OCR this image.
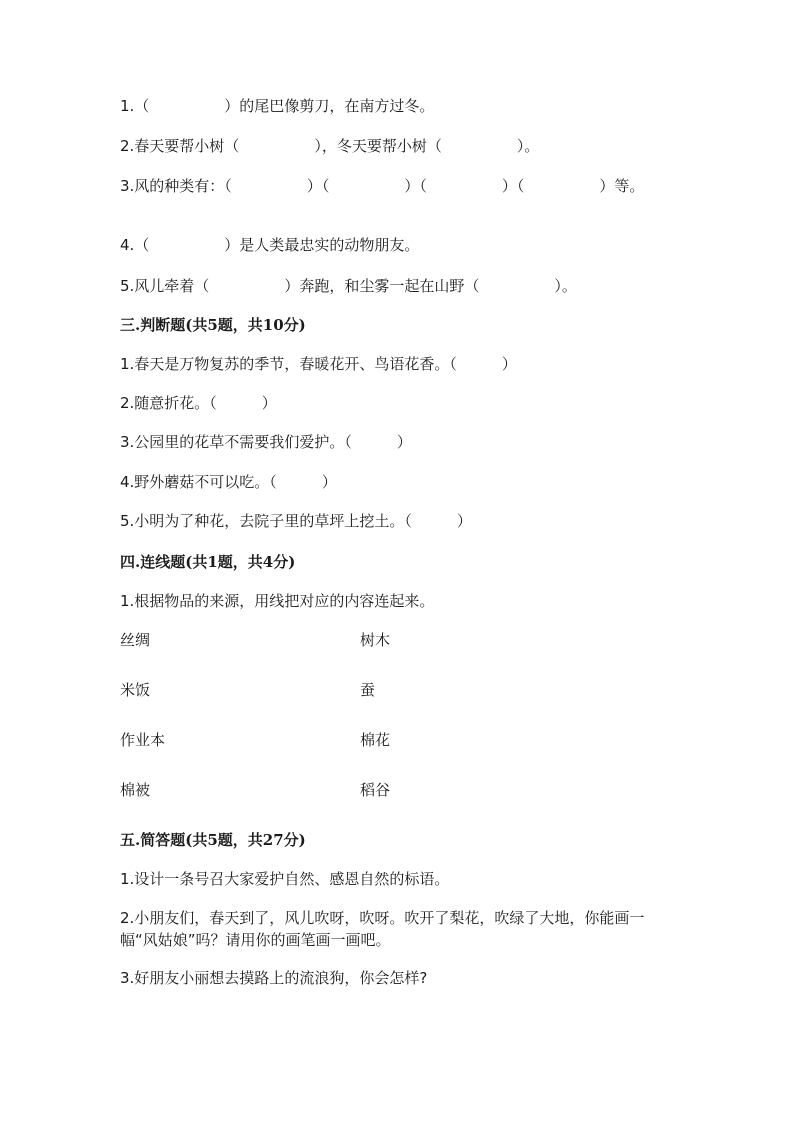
1.（　　　　　）的尾巴像剪刀，在南方过冬。
2.春天要帮小树（　　　　　），冬天要帮小树（　　　　　）。
3.风的种类有：（　　　　　）（　　　　　）（　　　　　）（　　　　　）等。
4.（　　　　　）是人类最忠实的动物朋友。
5.风儿牵着（　　　　　）奔跑，和尘雾一起在山野（　　　　　）。
三.判断题(共5题，共10分)
1.春天是万物复苏的季节，春暖花开、鸟语花香。（　　　）
2.随意折花。（　　　）
3.公园里的花草不需要我们爱护。（　　　）
4.野外蘑菇不可以吃。（　　　）
5.小明为了种花，去院子里的草坪上挖土。（　　　）
四.连线题(共1题，共4分)
1.根据物品的来源，用线把对应的内容连起来。
丝绸	树木
米饭	蚕
作业本	棉花
棉被	稻谷
五.简答题(共5题，共27分)
1.设计一条号召大家爱护自然、感恩自然的标语。
2.小朋友们，春天到了，风儿吹呀，吹呀。吹开了梨花，吹绿了大地，你能画一幅“风姑娘”吗？请用你的画笔画一画吧。
3.好朋友小丽想去摸路上的流浪狗，你会怎样?
